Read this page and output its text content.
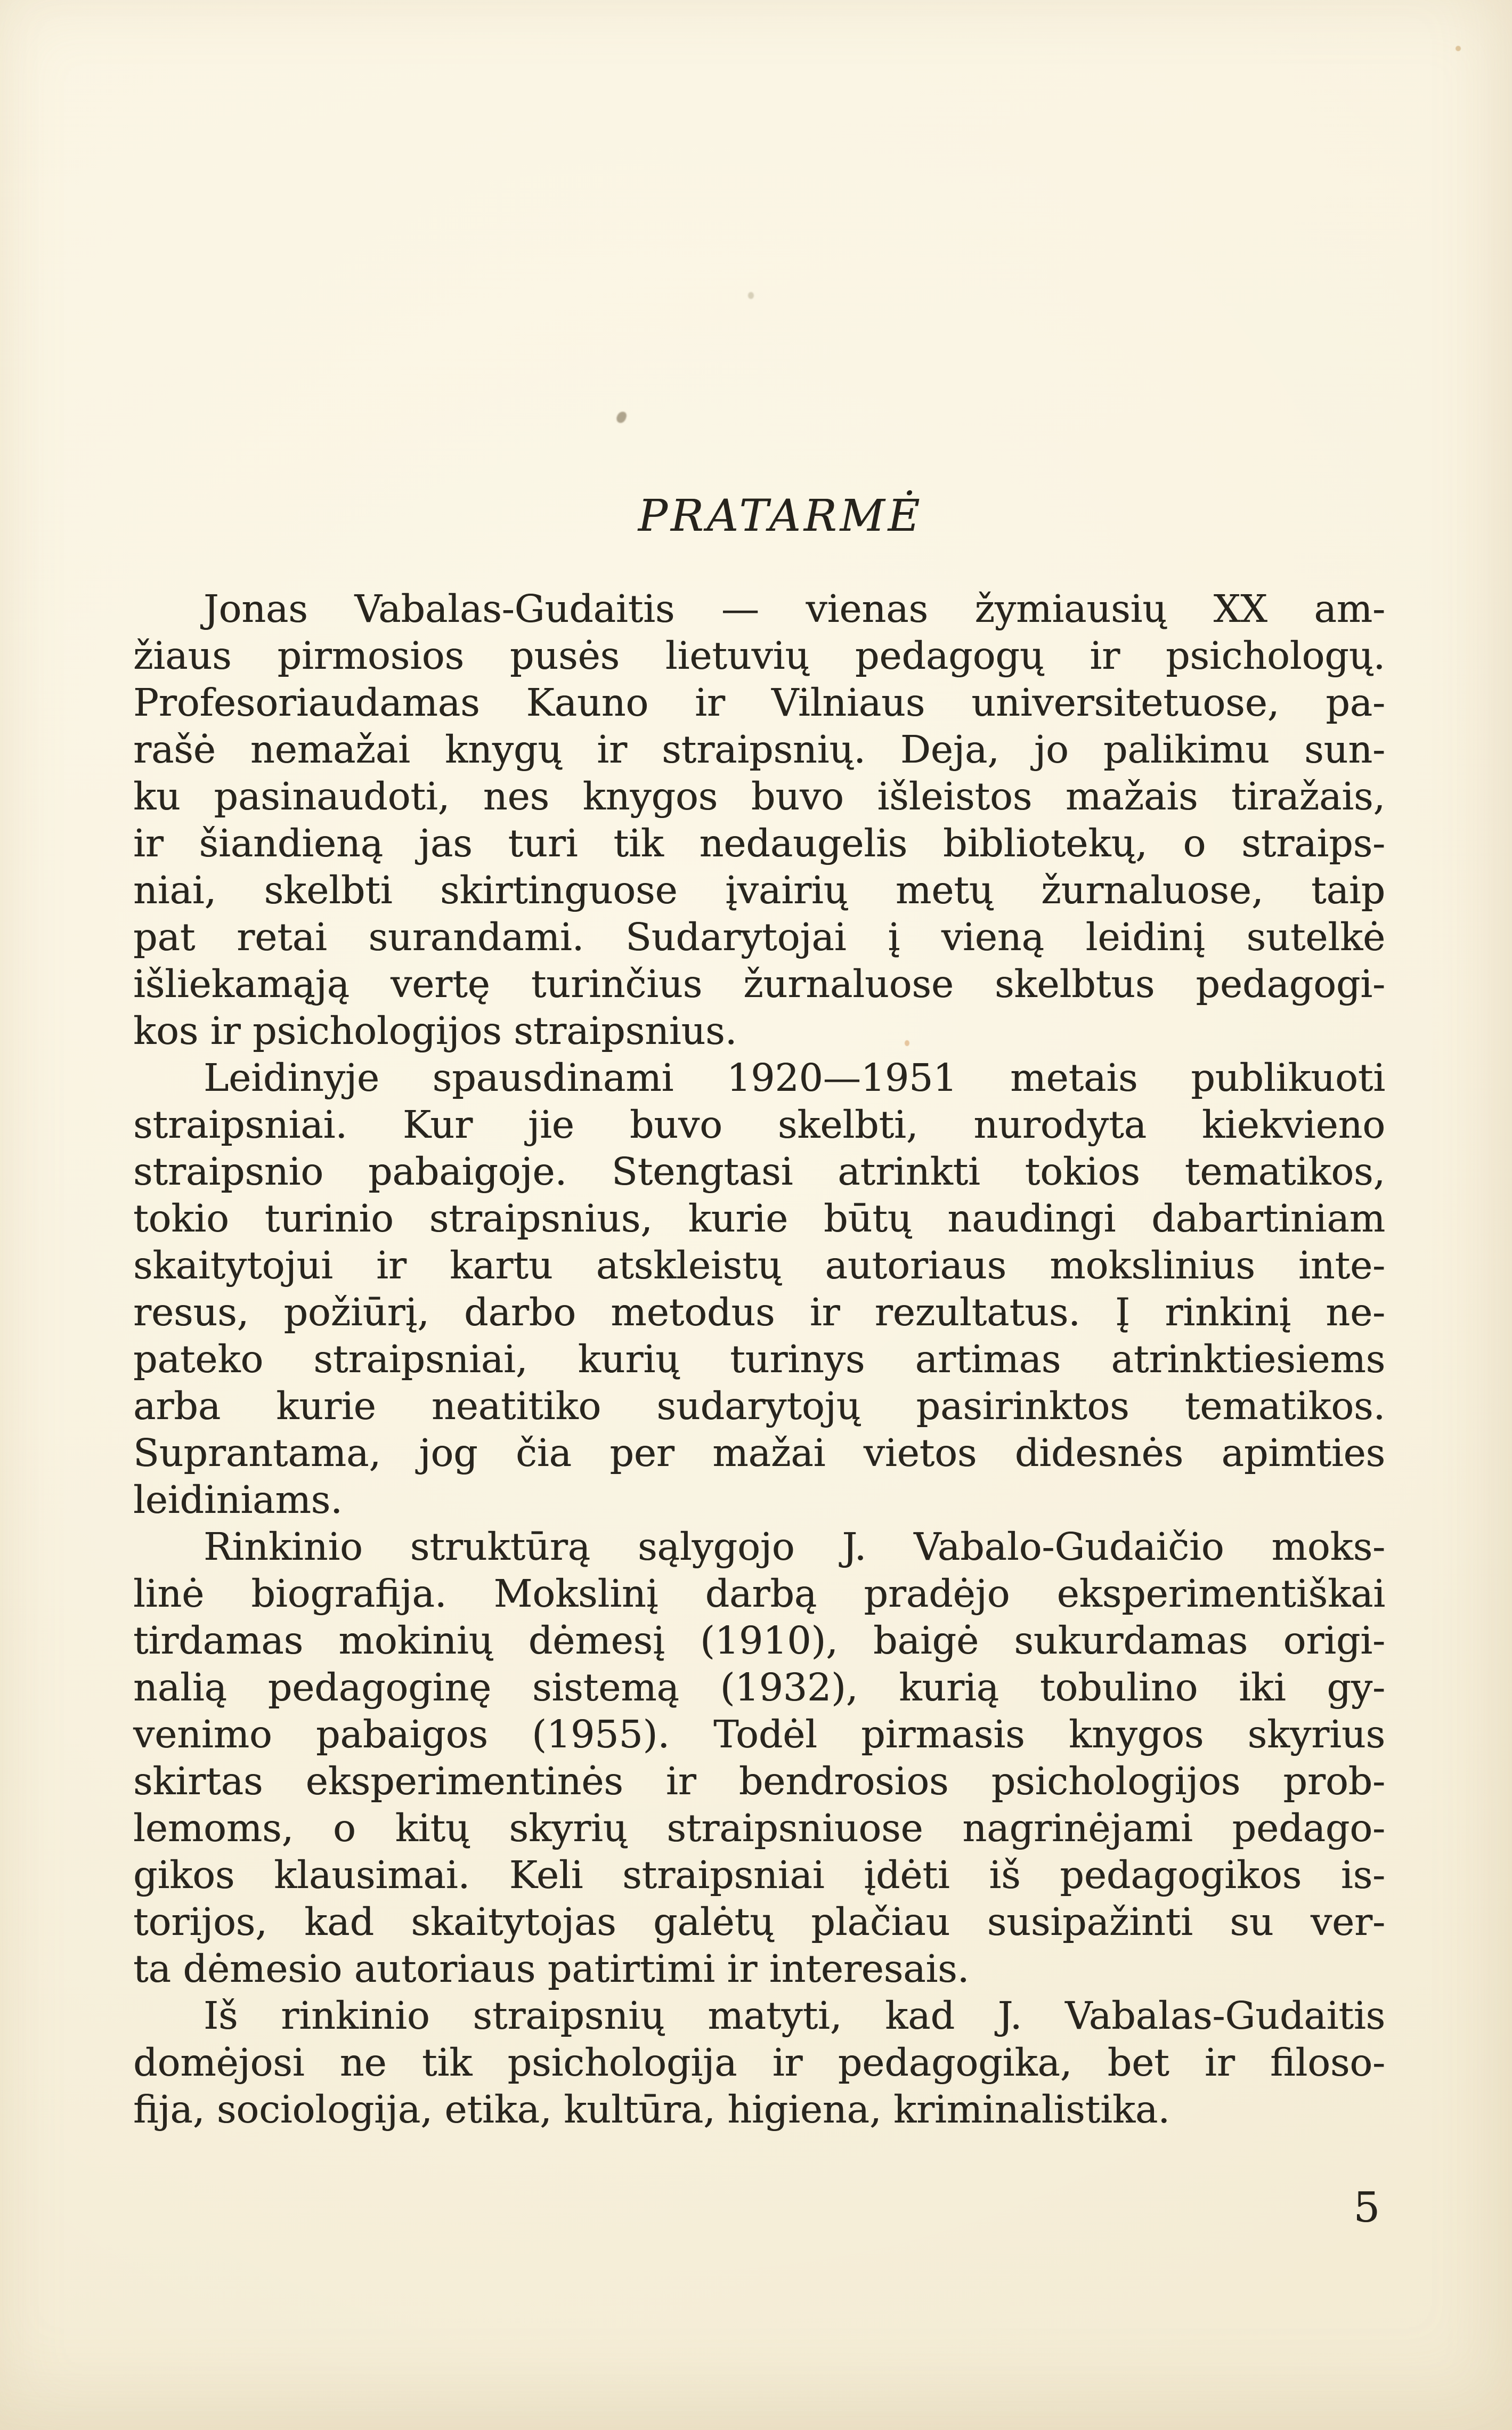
PRATARMĖ
Jonas Vabalas-Gudaitis — vienas žymiausių XX am-
žiaus pirmosios pusės lietuvių pedagogų ir psichologų.
Profesoriaudamas Kauno ir Vilniaus universitetuose, pa-
rašė nemažai knygų ir straipsnių. Deja, jo palikimu sun-
ku pasinaudoti, nes knygos buvo išleistos mažais tiražais,
ir šiandieną jas turi tik nedaugelis bibliotekų, o straips-
niai, skelbti skirtinguose įvairių metų žurnaluose, taip
pat retai surandami. Sudarytojai į vieną leidinį sutelkė
išliekamąją vertę turinčius žurnaluose skelbtus pedagogi-
kos ir psichologijos straipsnius.
Leidinyje spausdinami 1920—1951 metais publikuoti
straipsniai. Kur jie buvo skelbti, nurodyta kiekvieno
straipsnio pabaigoje. Stengtasi atrinkti tokios tematikos,
tokio turinio straipsnius, kurie būtų naudingi dabartiniam
skaitytojui ir kartu atskleistų autoriaus mokslinius inte-
resus, požiūrį, darbo metodus ir rezultatus. Į rinkinį ne-
pateko straipsniai, kurių turinys artimas atrinktiesiems
arba kurie neatitiko sudarytojų pasirinktos tematikos.
Suprantama, jog čia per mažai vietos didesnės apimties
leidiniams.
Rinkinio struktūrą sąlygojo J. Vabalo-Gudaičio moks-
linė biografija. Mokslinį darbą pradėjo eksperimentiškai
tirdamas mokinių dėmesį (1910), baigė sukurdamas origi-
nalią pedagoginę sistemą (1932), kurią tobulino iki gy-
venimo pabaigos (1955). Todėl pirmasis knygos skyrius
skirtas eksperimentinės ir bendrosios psichologijos prob-
lemoms, o kitų skyrių straipsniuose nagrinėjami pedago-
gikos klausimai. Keli straipsniai įdėti iš pedagogikos is-
torijos, kad skaitytojas galėtų plačiau susipažinti su ver-
ta dėmesio autoriaus patirtimi ir interesais.
Iš rinkinio straipsnių matyti, kad J. Vabalas-Gudaitis
domėjosi ne tik psichologija ir pedagogika, bet ir filoso-
fija, sociologija, etika, kultūra, higiena, kriminalistika.
5
